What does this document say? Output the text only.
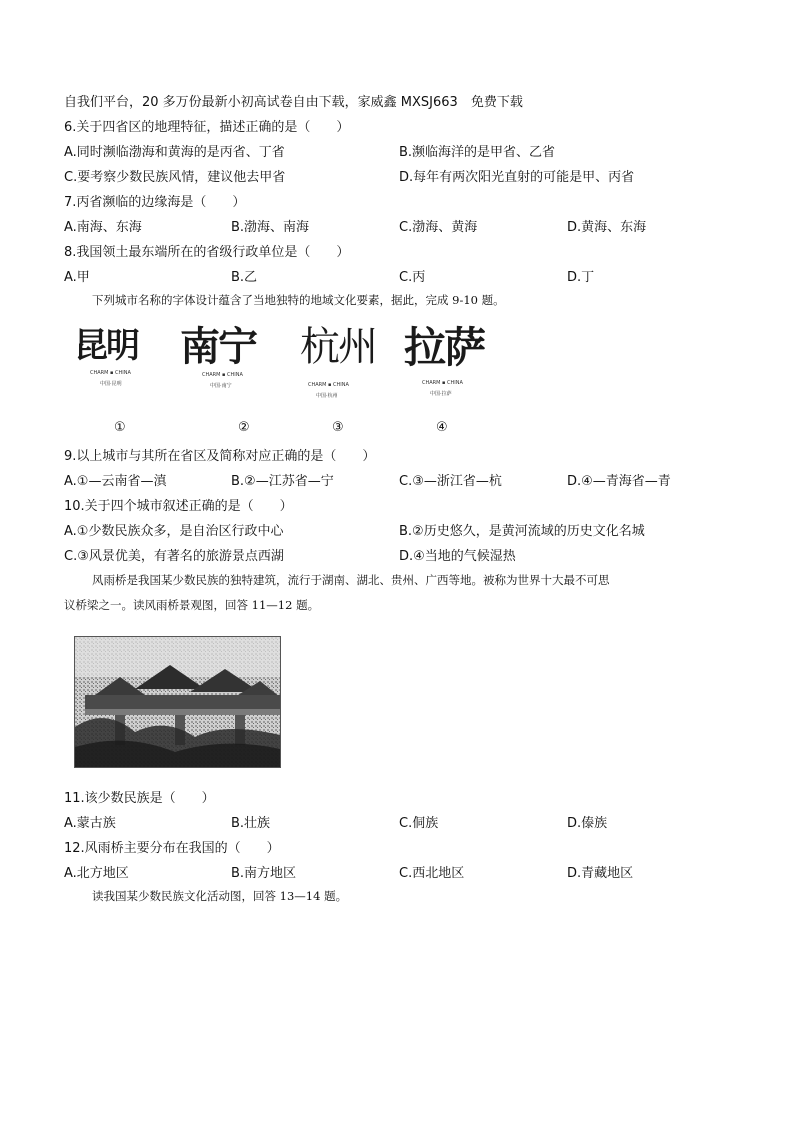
自我们平台，20 多万份最新小初高试卷自由下载，家威鑫 MXSJ663　免费下载
6.关于四省区的地理特征，描述正确的是（　　）
A.同时濒临渤海和黄海的是丙省、丁省	B.濒临海洋的是甲省、乙省
C.要考察少数民族风情，建议他去甲省	D.每年有两次阳光直射的可能是甲、丙省
7.丙省濒临的边缘海是（　　）
A.南海、东海	B.渤海、南海	C.渤海、黄海	D.黄海、东海
8.我国领土最东端所在的省级行政单位是（　　）
A.甲	B.乙	C.丙	D.丁
下列城市名称的字体设计蕴含了当地独特的地域文化要素，据此，完成 9-10 题。
昆明
CHARM ▪ CHINA
中国·昆明
南宁
CHARM ▪ CHINA
中国·南宁
杭州
CHARM ▪ CHINA
中国·杭州
拉萨
CHARM ▪ CHINA
中国·拉萨
①	②	③	④
9.以上城市与其所在省区及简称对应正确的是（　　）
A.①—云南省—滇	B.②—江苏省—宁	C.③—浙江省—杭	D.④—青海省—青
10.关于四个城市叙述正确的是（　　）
A.①少数民族众多，是自治区行政中心	B.②历史悠久，是黄河流域的历史文化名城
C.③风景优美，有著名的旅游景点西湖	D.④当地的气候湿热
风雨桥是我国某少数民族的独特建筑，流行于湖南、湖北、贵州、广西等地。被称为世界十大最不可思
议桥梁之一。读风雨桥景观图，回答 11—12 题。
11.该少数民族是（　　）
A.蒙古族	B.壮族	C.侗族	D.傣族
12.风雨桥主要分布在我国的（　　）
A.北方地区	B.南方地区	C.西北地区	D.青藏地区
读我国某少数民族文化活动图，回答 13—14 题。
